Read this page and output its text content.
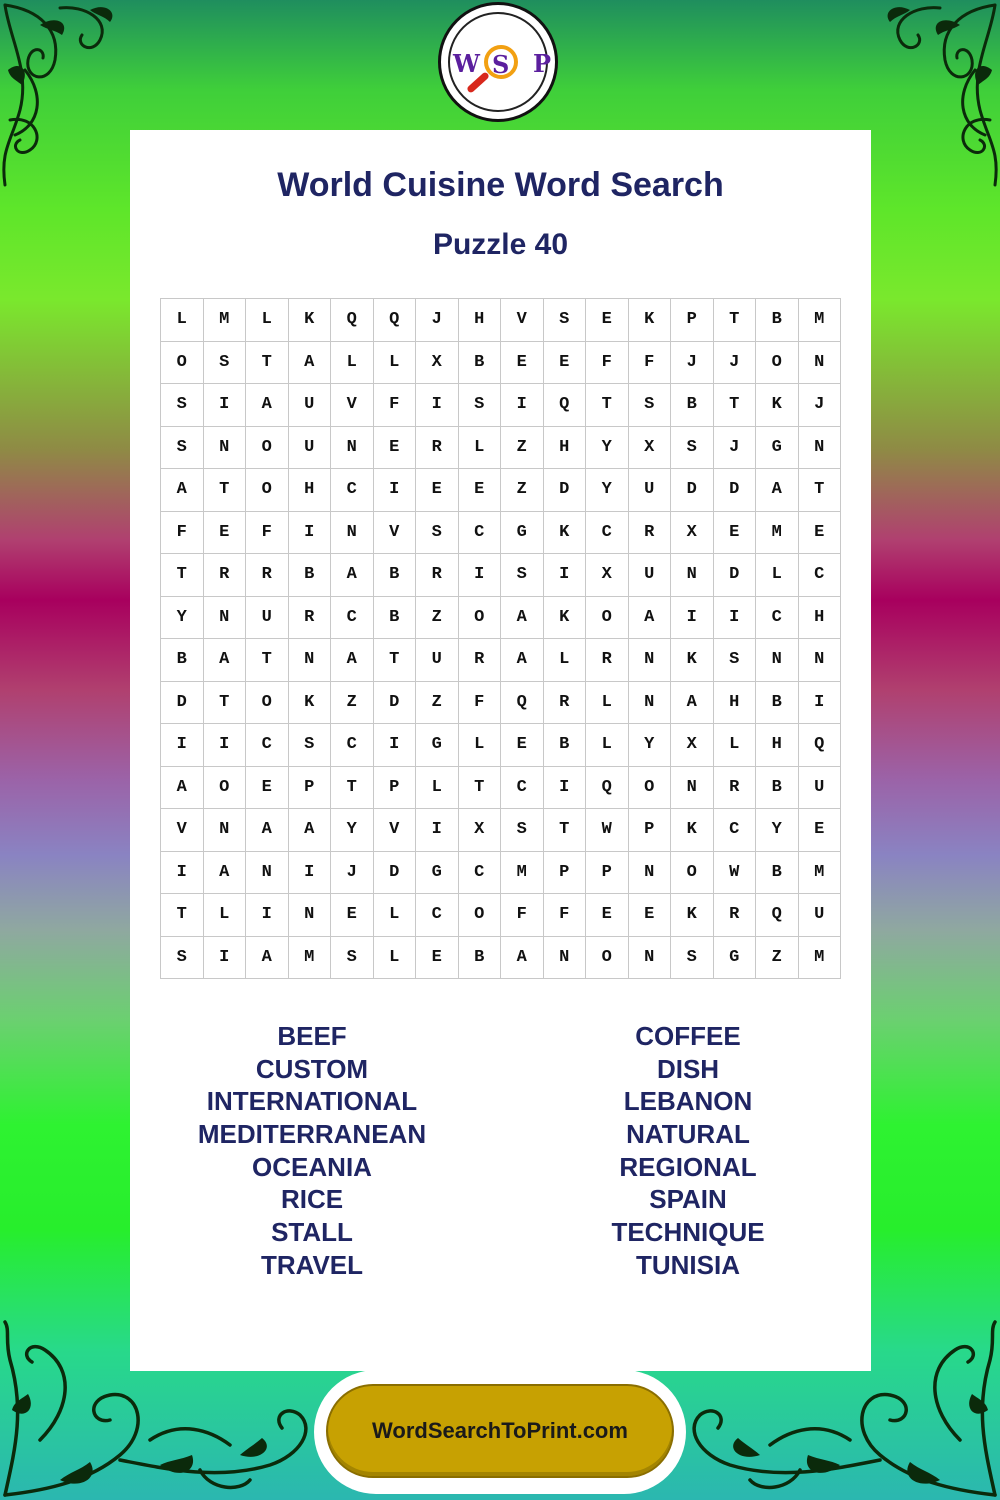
W S P
World Cuisine Word Search
Puzzle 40
L	M	L	K	Q	Q	J	H	V	S	E	K	P	T	B	M
O	S	T	A	L	L	X	B	E	E	F	F	J	J	O	N
S	I	A	U	V	F	I	S	I	Q	T	S	B	T	K	J
S	N	O	U	N	E	R	L	Z	H	Y	X	S	J	G	N
A	T	O	H	C	I	E	E	Z	D	Y	U	D	D	A	T
F	E	F	I	N	V	S	C	G	K	C	R	X	E	M	E
T	R	R	B	A	B	R	I	S	I	X	U	N	D	L	C
Y	N	U	R	C	B	Z	O	A	K	O	A	I	I	C	H
B	A	T	N	A	T	U	R	A	L	R	N	K	S	N	N
D	T	O	K	Z	D	Z	F	Q	R	L	N	A	H	B	I
I	I	C	S	C	I	G	L	E	B	L	Y	X	L	H	Q
A	O	E	P	T	P	L	T	C	I	Q	O	N	R	B	U
V	N	A	A	Y	V	I	X	S	T	W	P	K	C	Y	E
I	A	N	I	J	D	G	C	M	P	P	N	O	W	B	M
T	L	I	N	E	L	C	O	F	F	E	E	K	R	Q	U
S	I	A	M	S	L	E	B	A	N	O	N	S	G	Z	M
BEEF
CUSTOM
INTERNATIONAL
MEDITERRANEAN
OCEANIA
RICE
STALL
TRAVEL
COFFEE
DISH
LEBANON
NATURAL
REGIONAL
SPAIN
TECHNIQUE
TUNISIA
WordSearchToPrint.com
